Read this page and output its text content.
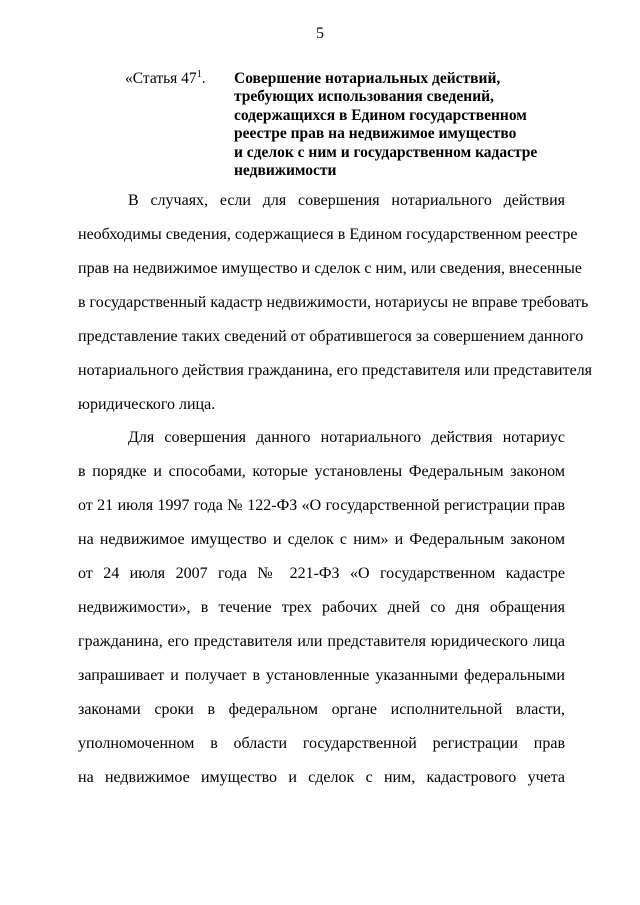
5
«Статья $47^1$. Совершение нотариальных действий,
требующих использования сведений,
содержащихся в Едином государственном
реестре прав на недвижимое имущество
и сделок с ним и государственном кадастре
недвижимости
В случаях, если для совершения нотариального действия
необходимы сведения, содержащиеся в Едином государственном реестре
прав на недвижимое имущество и сделок с ним, или сведения, внесенные
в государственный кадастр недвижимости, нотариусы не вправе требовать
представление таких сведений от обратившегося за совершением данного
нотариального действия гражданина, его представителя или представителя
юридического лица.
Для совершения данного нотариального действия нотариус
в порядке и способами, которые установлены Федеральным законом
от 21 июля 1997 года № 122-ФЗ «О государственной регистрации прав
на недвижимое имущество и сделок с ним» и Федеральным законом
от 24 июля 2007 года № 221-ФЗ «О государственном кадастре
недвижимости», в течение трех рабочих дней со дня обращения
гражданина, его представителя или представителя юридического лица
запрашивает и получает в установленные указанными федеральными
законами сроки в федеральном органе исполнительной власти,
уполномоченном в области государственной регистрации прав
на недвижимое имущество и сделок с ним, кадастрового учета
